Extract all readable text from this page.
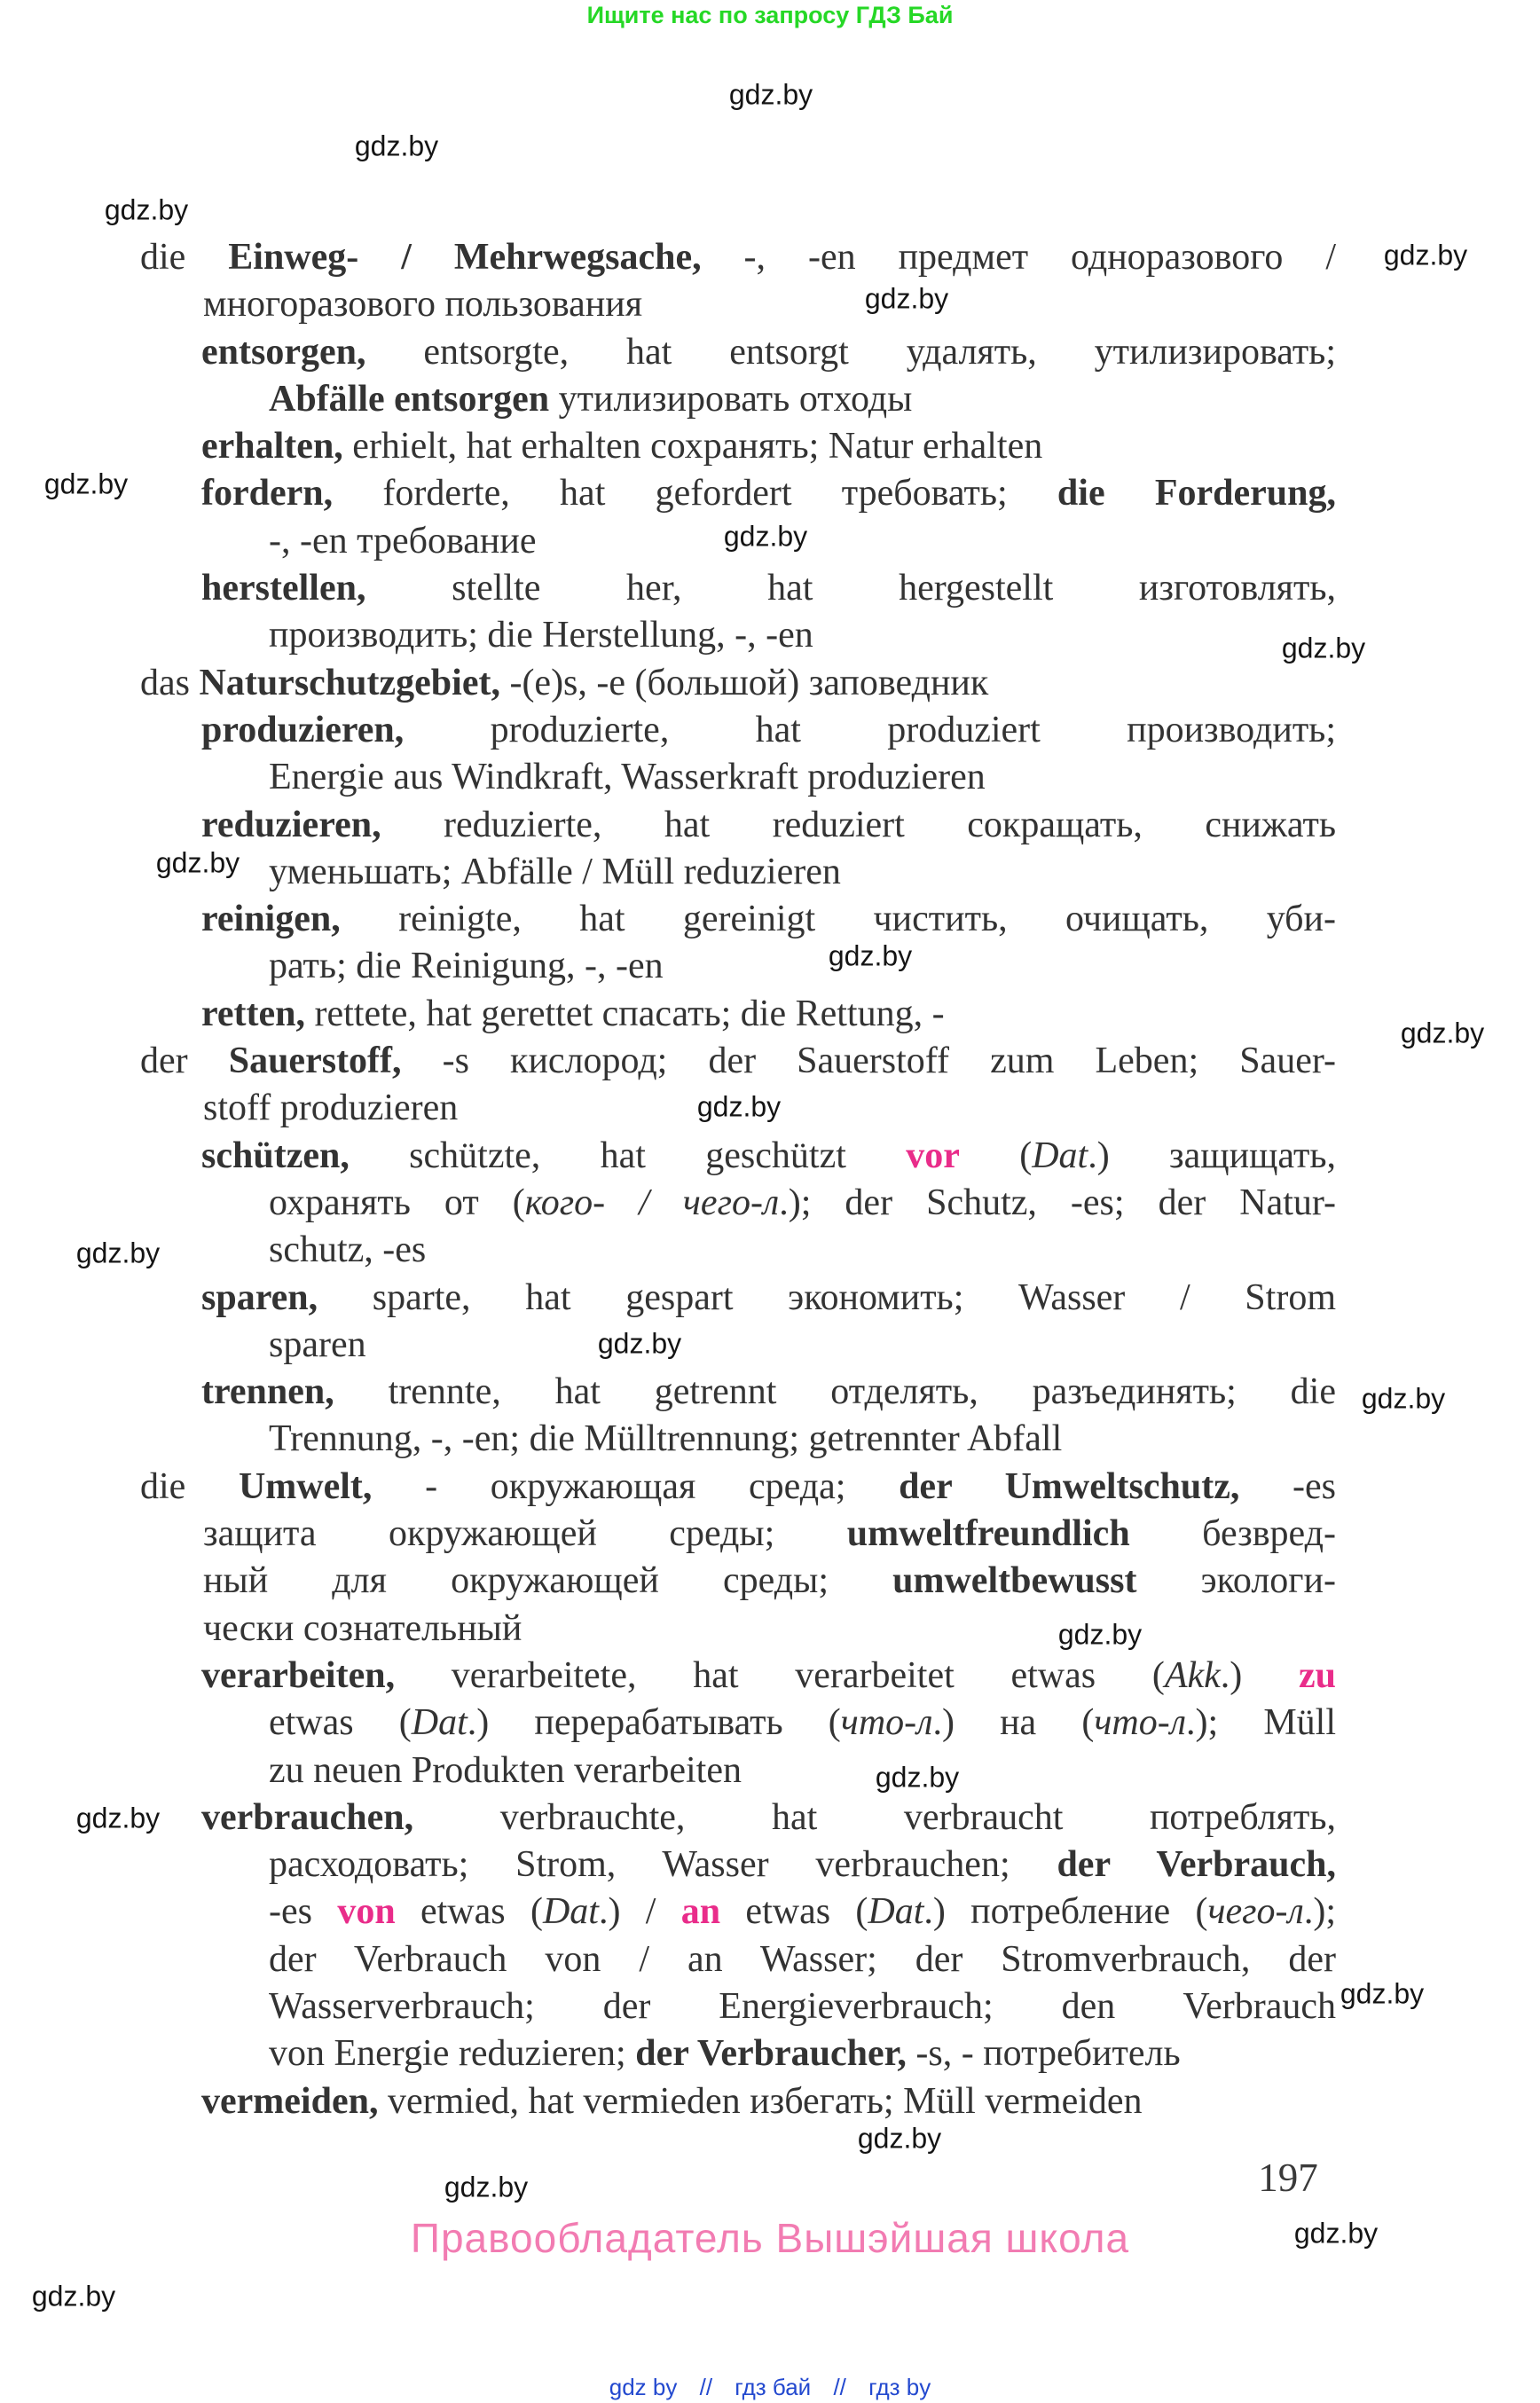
Ищите нас по запросу ГДЗ Бай
gdz.by
gdz.by
gdz.by
gdz.by
gdz.by
gdz.by
gdz.by
gdz.by
gdz.by
gdz.by
gdz.by
gdz.by
gdz.by
gdz.by
gdz.by
gdz.by
gdz.by
gdz.by
gdz.by
gdz.by
gdz.by
gdz.by
gdz.by
die Einweg- / Mehrwegsache, -, -en предмет одноразового /
многоразового пользования
entsorgen, entsorgte, hat entsorgt удалять, утилизировать;
Abfälle entsorgen утилизировать отходы
erhalten, erhielt, hat erhalten сохранять; Natur erhalten
fordern, forderte, hat gefordert требовать; die Forderung,
-, -en требование
herstellen, stellte her, hat hergestellt изготовлять,
производить; die Herstellung, -, -en
das Naturschutzgebiet, -(e)s, -e (большой) заповедник
produzieren, produzierte, hat produziert производить;
Energie aus Windkraft, Wasserkraft produzieren
reduzieren, reduzierte, hat reduziert сокращать, снижать
уменьшать; Abfälle / Müll reduzieren
reinigen, reinigte, hat gereinigt чистить, очищать, уби-
рать; die Reinigung, -, -en
retten, rettete, hat gerettet спасать; die Rettung, -
der Sauerstoff, -s кислород; der Sauerstoff zum Leben; Sauer-
stoff produzieren
schützen, schützte, hat geschützt vor (Dat.) защищать,
охранять от (кого- / чего-л.); der Schutz, -es; der Natur-
schutz, -es
sparen, sparte, hat gespart экономить; Wasser / Strom
sparen
trennen, trennte, hat getrennt отделять, разъединять; die
Trennung, -, -en; die Mülltrennung; getrennter Abfall
die Umwelt, - окружающая среда; der Umweltschutz, -es
защита окружающей среды; umweltfreundlich безвред-
ный для окружающей среды; umweltbewusst экологи-
чески сознательный
verarbeiten, verarbeitete, hat verarbeitet etwas (Akk.) zu
etwas (Dat.) перерабатывать (что-л.) на (что-л.); Müll
zu neuen Produkten verarbeiten
verbrauchen, verbrauchte, hat verbraucht потреблять,
расходовать; Strom, Wasser verbrauchen; der Verbrauch,
-es von etwas (Dat.) / an etwas (Dat.) потребление (чего-л.);
der Verbrauch von / an Wasser; der Stromverbrauch, der
Wasserverbrauch; der Energieverbrauch; den Verbrauch
von Energie reduzieren; der Verbraucher, -s, - потребитель
vermeiden, vermied, hat vermieden избегать; Müll vermeiden
197
Правообладатель Вышэйшая школа
gdz by // гдз бай // гдз by
